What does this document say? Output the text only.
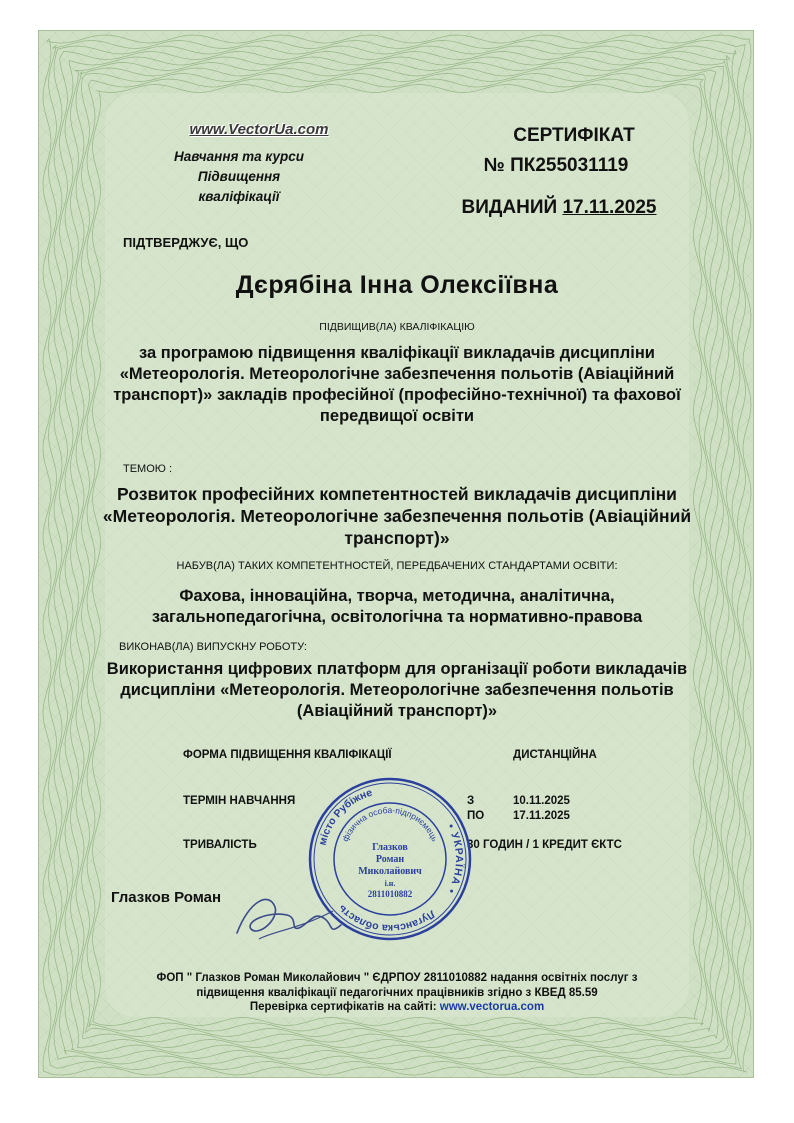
www.VectorUa.com
Навчання та курси
Підвищення
кваліфікації
СЕРТИФІКАТ
№ ПК255031119
ВИДАНИЙ 17.11.2025
ПІДТВЕРДЖУЄ, ЩО
Дєрябіна Інна Олексіївна
ПІДВИЩИВ(ЛА) КВАЛІФІКАЦІЮ
за програмою підвищення кваліфікації викладачів дисципліни «Метеорологія. Метеорологічне забезпечення польотів (Авіаційний транспорт)» закладів професійної (професійно-технічної) та фахової передвищої освіти
ТЕМОЮ :
Розвиток професійних компетентностей викладачів дисципліни «Метеорологія. Метеорологічне забезпечення польотів (Авіаційний транспорт)»
НАБУВ(ЛА) ТАКИХ КОМПЕТЕНТНОСТЕЙ, ПЕРЕДБАЧЕНИХ СТАНДАРТАМИ ОСВІТИ:
Фахова, інноваційна, творча, методична, аналітична, загальнопедагогічна, освітологічна та нормативно-правова
ВИКОНАВ(ЛА) ВИПУСКНУ РОБОТУ:
Використання цифрових платформ для організації роботи викладачів дисципліни «Метеорологія. Метеорологічне забезпечення польотів (Авіаційний транспорт)»
ФОРМА ПІДВИЩЕННЯ КВАЛІФІКАЦІЇ	ДИСТАНЦІЙНА
ТЕРМІН НАВЧАННЯ	З	10.11.2025
ПО	17.11.2025
ТРИВАЛІСТЬ	30 ГОДИН / 1 КРЕДИТ ЄКТС
Глазков Роман
• УКРАЇНА •
Луганська область
місто Рубіжне
фізична особа-підприємець
Глазков
Роман
Миколайович
і.н.
2811010882
ФОП " Глазков Роман Миколайович " ЄДРПОУ 2811010882 надання освітніх послуг з
підвищення кваліфікації педагогічних працівників згідно з КВЕД 85.59
Перевірка сертифікатів на сайті: www.vectorua.com
